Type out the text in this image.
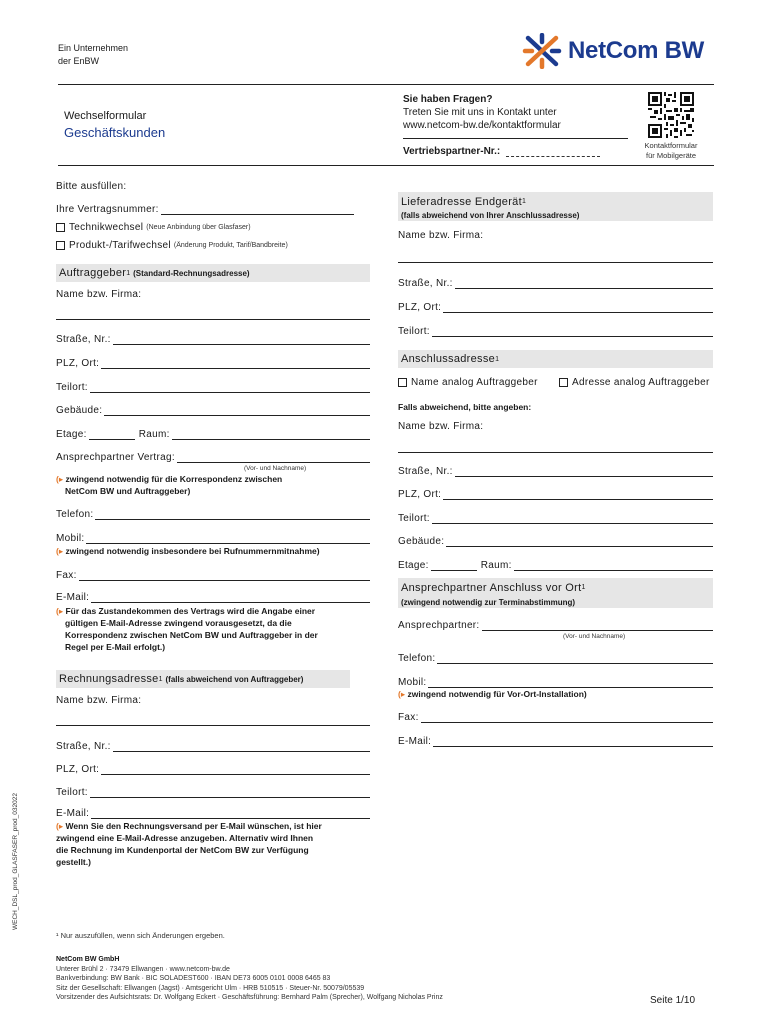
Ein Unternehmen
der EnBW	NetCom BW
Wechselformular
Geschäftskunden
Sie haben Fragen?
Treten Sie mit uns in Kontakt unter
www.netcom-bw.de/kontaktformular
Vertriebspartner-Nr.:
Kontaktformular
für Mobilgeräte
Bitte ausfüllen:
Ihre Vertragsnummer:
Technikwechsel (Neue Anbindung über Glasfaser)
Produkt-/Tarifwechsel (Änderung Produkt, Tarif/Bandbreite)
Auftraggeber 1 (Standard-Rechnungsadresse)
Name bzw. Firma:
Straße, Nr.:
PLZ, Ort:
Teilort:
Gebäude:
Etage:	Raum:
Ansprechpartner Vertrag:
(Vor- und Nachname)
(▸ zwingend notwendig für die Korrespondenz zwischen
NetCom BW und Auftraggeber)
Telefon:
Mobil:
(▸ zwingend notwendig insbesondere bei Rufnummernmitnahme)
Fax:
E-Mail:
(▸ Für das Zustandekommen des Vertrags wird die Angabe einer
gültigen E-Mail-Adresse zwingend vorausgesetzt, da die
Korrespondenz zwischen NetCom BW und Auftraggeber in der
Regel per E-Mail erfolgt.)
Rechnungsadresse 1 (falls abweichend von Auftraggeber)
Name bzw. Firma:
Straße, Nr.:
PLZ, Ort:
Teilort:
E-Mail:
(▸ Wenn Sie den Rechnungsversand per E-Mail wünschen, ist hier
zwingend eine E-Mail-Adresse anzugeben. Alternativ wird Ihnen
die Rechnung im Kundenportal der NetCom BW zur Verfügung
gestellt.)
Lieferadresse Endgerät 1
(falls abweichend von Ihrer Anschlussadresse)
Name bzw. Firma:
Straße, Nr.:
PLZ, Ort:
Teilort:
Anschlussadresse 1
Name analog Auftraggeber	Adresse analog Auftraggeber
Falls abweichend, bitte angeben:
Name bzw. Firma:
Straße, Nr.:
PLZ, Ort:
Teilort:
Gebäude:
Etage:	Raum:
Ansprechpartner Anschluss vor Ort 1
(zwingend notwendig zur Terminabstimmung)
Ansprechpartner:
(Vor- und Nachname)
Telefon:
Mobil:
(▸ zwingend notwendig für Vor-Ort-Installation)
Fax:
E-Mail:
WECH_DSL_prod_GLASFASER_prod_032022
¹ Nur auszufüllen, wenn sich Änderungen ergeben.
NetCom BW GmbH
Unterer Brühl 2 · 73479 Ellwangen · www.netcom-bw.de
Bankverbindung: BW Bank · BIC SOLADEST600 · IBAN DE73 6005 0101 0008 6465 83
Sitz der Gesellschaft: Ellwangen (Jagst) · Amtsgericht Ulm · HRB 510515 · Steuer-Nr. 50079/05539
Vorsitzender des Aufsichtsrats: Dr. Wolfgang Eckert · Geschäftsführung: Bernhard Palm (Sprecher), Wolfgang Nicholas Prinz	Seite 1/10
